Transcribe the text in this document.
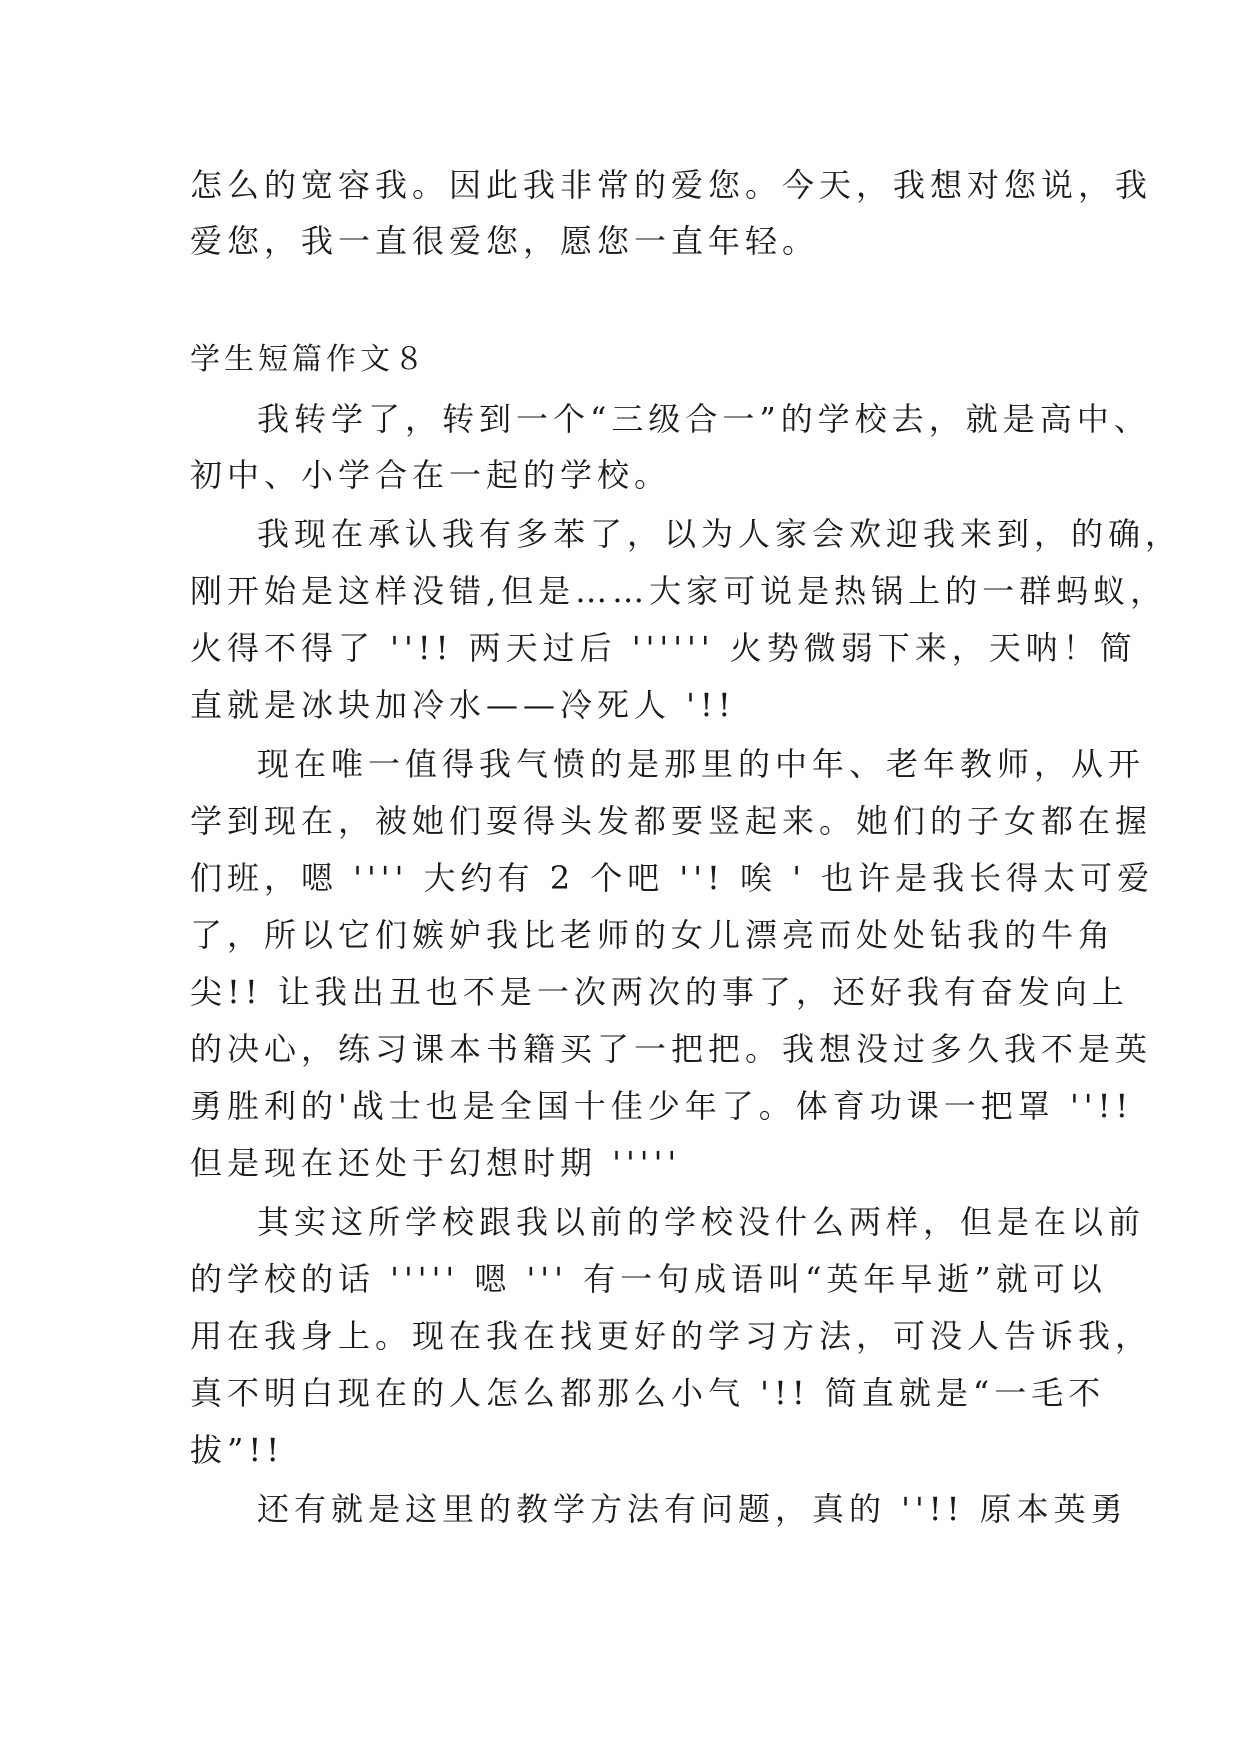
怎么的宽容我。因此我非常的爱您。今天，我想对您说，我
爱您，我一直很爱您，愿您一直年轻。
学生短篇作文８
我转学了，转到一个“三级合一”的学校去，就是高中、
初中、小学合在一起的学校。
我现在承认我有多苯了，以为人家会欢迎我来到，的确，
刚开始是这样没错,但是……大家可说是热锅上的一群蚂蚁，
火得不得了 ''!! 两天过后 '''''' 火势微弱下来，天呐！简
直就是冰块加冷水——冷死人 '!!
现在唯一值得我气愤的是那里的中年、老年教师，从开
学到现在，被她们耍得头发都要竖起来。她们的子女都在握
们班，嗯 '''' 大约有 2 个吧 ''! 唉 ' 也许是我长得太可爱
了，所以它们嫉妒我比老师的女儿漂亮而处处钻我的牛角
尖!! 让我出丑也不是一次两次的事了，还好我有奋发向上
的决心，练习课本书籍买了一把把。我想没过多久我不是英
勇胜利的'战士也是全国十佳少年了。体育功课一把罩 ''!!
但是现在还处于幻想时期 '''''
其实这所学校跟我以前的学校没什么两样，但是在以前
的学校的话 ''''' 嗯 ''' 有一句成语叫“英年早逝”就可以
用在我身上。现在我在找更好的学习方法，可没人告诉我，
真不明白现在的人怎么都那么小气 '!! 简直就是“一毛不
拔”!!
还有就是这里的教学方法有问题，真的 ''!! 原本英勇
